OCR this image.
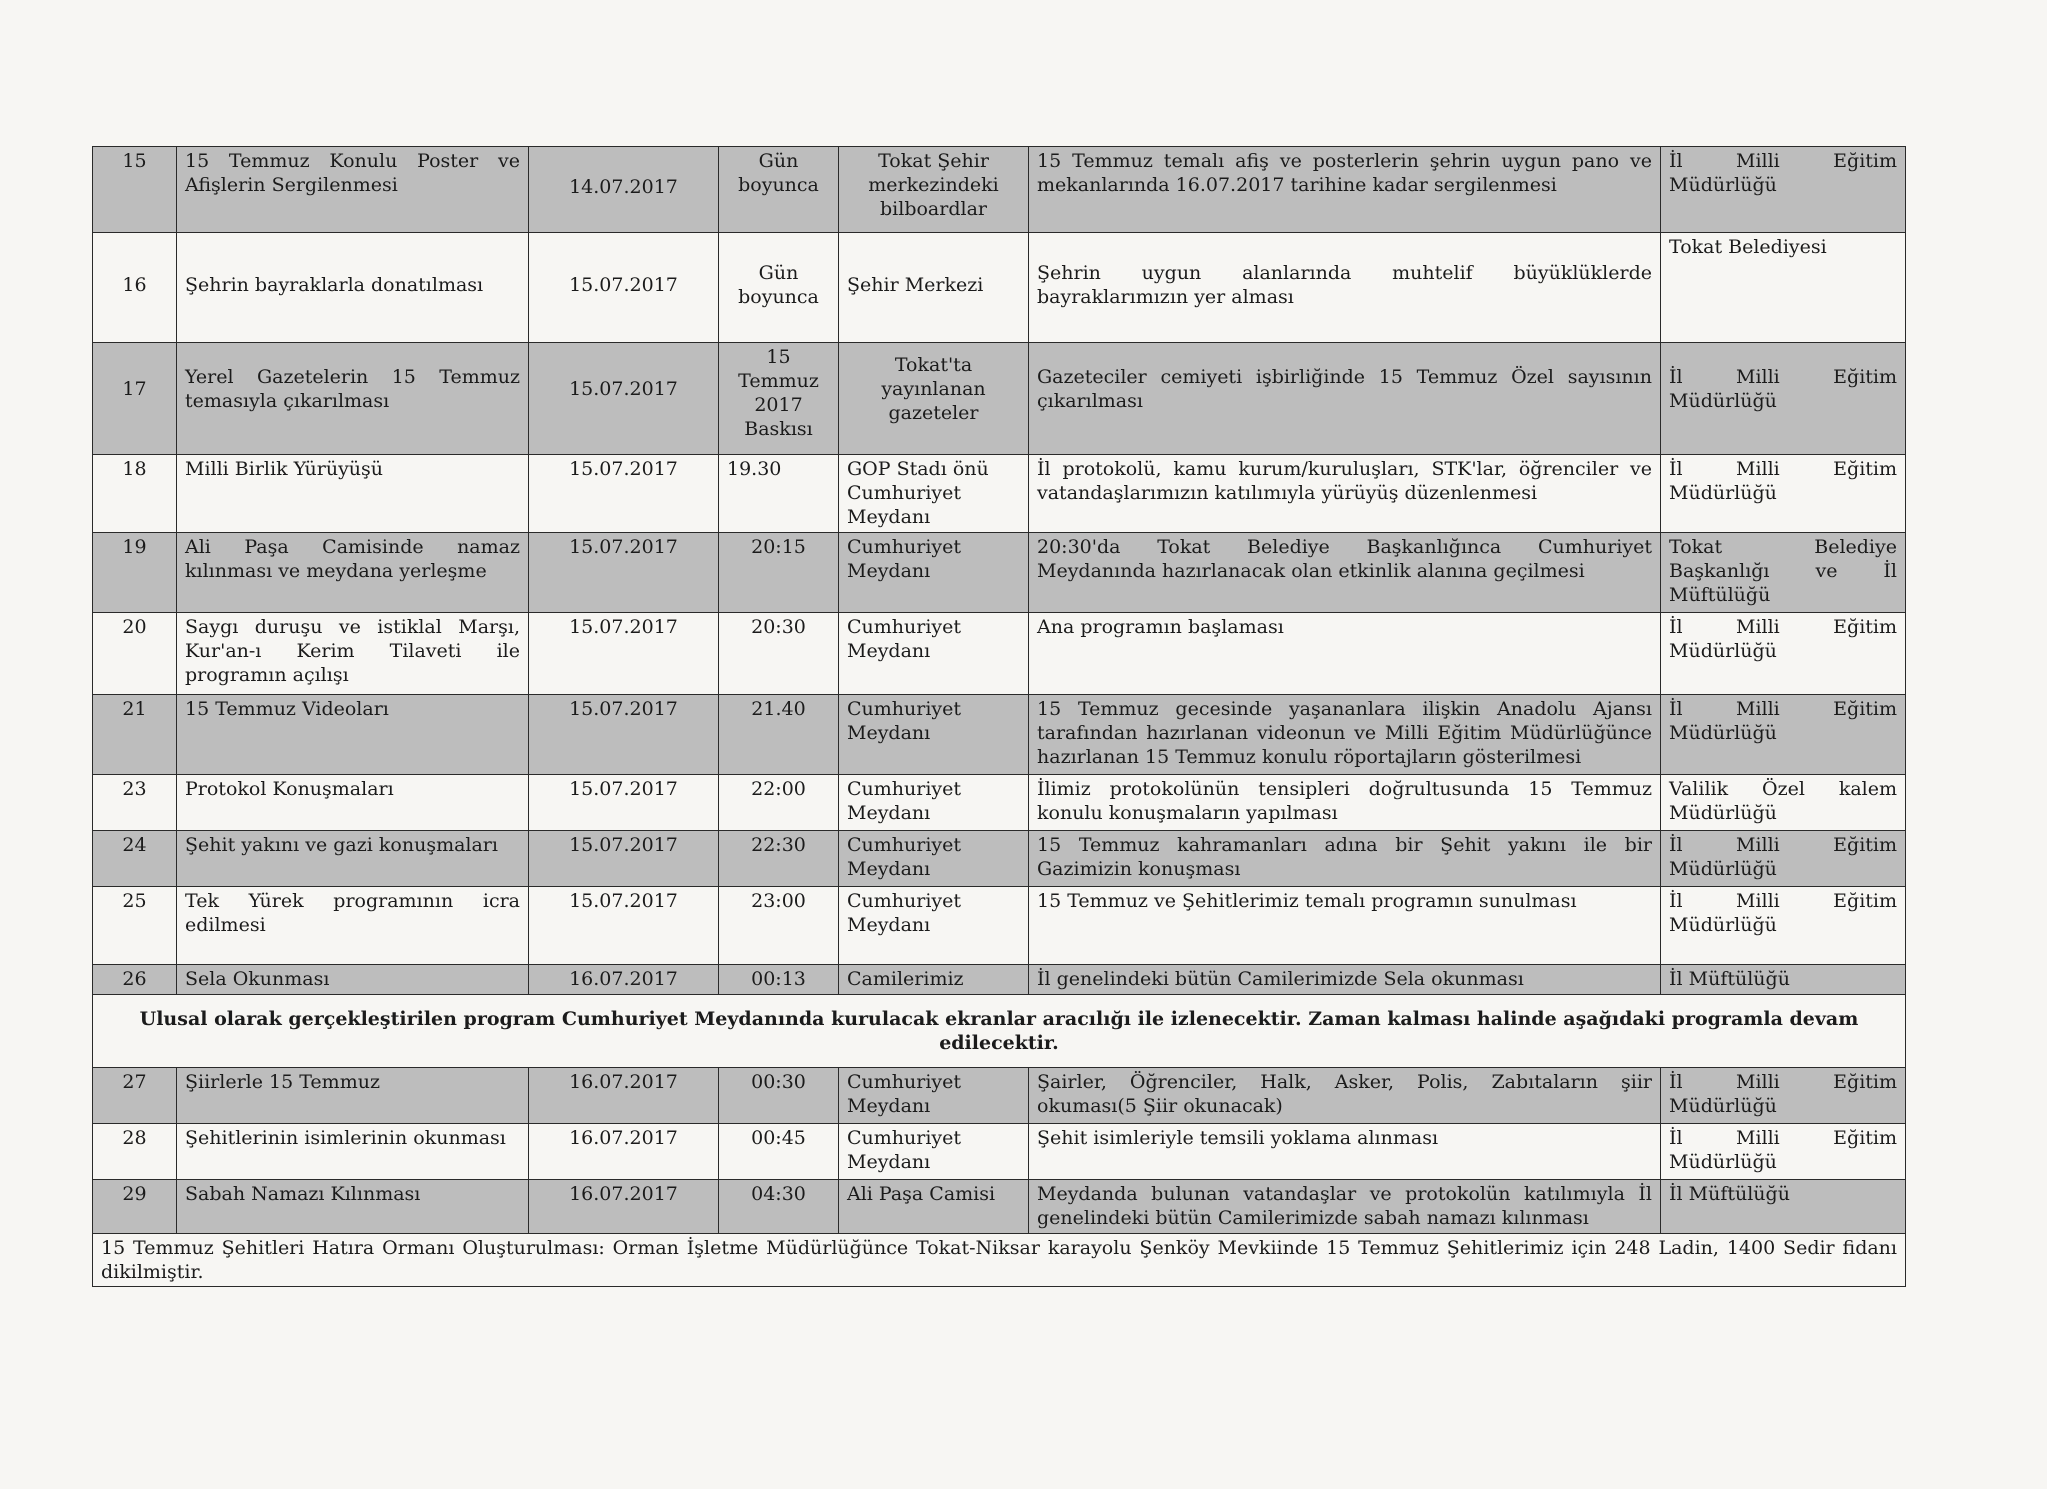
15	15 Temmuz Konulu Poster ve Afişlerin Sergilenmesi	14.07.2017	Gün boyunca	Tokat Şehir merkezindeki bilboardlar	15 Temmuz temalı afiş ve posterlerin şehrin uygun pano ve mekanlarında 16.07.2017 tarihine kadar sergilenmesi	İl Milli Eğitim Müdürlüğü
16	Şehrin bayraklarla donatılması	15.07.2017	Gün boyunca	Şehir Merkezi	Şehrin uygun alanlarında muhtelif büyüklüklerde bayraklarımızın yer alması	Tokat Belediyesi
17	Yerel Gazetelerin 15 Temmuz temasıyla çıkarılması	15.07.2017	15 Temmuz 2017 Baskısı	Tokat'ta yayınlanan gazeteler	Gazeteciler cemiyeti işbirliğinde 15 Temmuz Özel sayısının çıkarılması	İl Milli Eğitim Müdürlüğü
18	Milli Birlik Yürüyüşü	15.07.2017	19.30	GOP Stadı önü Cumhuriyet Meydanı	İl protokolü, kamu kurum/kuruluşları, STK'lar, öğrenciler ve vatandaşlarımızın katılımıyla yürüyüş düzenlenmesi	İl Milli Eğitim Müdürlüğü
19	Ali Paşa Camisinde namaz kılınması ve meydana yerleşme	15.07.2017	20:15	Cumhuriyet Meydanı	20:30'da Tokat Belediye Başkanlığınca Cumhuriyet Meydanında hazırlanacak olan etkinlik alanına geçilmesi	Tokat Belediye Başkanlığı ve İl Müftülüğü
20	Saygı duruşu ve istiklal Marşı, Kur'an-ı Kerim Tilaveti ile programın açılışı	15.07.2017	20:30	Cumhuriyet Meydanı	Ana programın başlaması	İl Milli Eğitim Müdürlüğü
21	15 Temmuz Videoları	15.07.2017	21.40	Cumhuriyet Meydanı	15 Temmuz gecesinde yaşananlara ilişkin Anadolu Ajansı tarafından hazırlanan videonun ve Milli Eğitim Müdürlüğünce hazırlanan 15 Temmuz konulu röportajların gösterilmesi	İl Milli Eğitim Müdürlüğü
23	Protokol Konuşmaları	15.07.2017	22:00	Cumhuriyet Meydanı	İlimiz protokolünün tensipleri doğrultusunda 15 Temmuz konulu konuşmaların yapılması	Valilik Özel kalem Müdürlüğü
24	Şehit yakını ve gazi konuşmaları	15.07.2017	22:30	Cumhuriyet Meydanı	15 Temmuz kahramanları adına bir Şehit yakını ile bir Gazimizin konuşması	İl Milli Eğitim Müdürlüğü
25	Tek Yürek programının icra edilmesi	15.07.2017	23:00	Cumhuriyet Meydanı	15 Temmuz ve Şehitlerimiz temalı programın sunulması	İl Milli Eğitim Müdürlüğü
26	Sela Okunması	16.07.2017	00:13	Camilerimiz	İl genelindeki bütün Camilerimizde Sela okunması	İl Müftülüğü
Ulusal olarak gerçekleştirilen program Cumhuriyet Meydanında kurulacak ekranlar aracılığı ile izlenecektir. Zaman kalması halinde aşağıdaki programla devam edilecektir.						
27	Şiirlerle 15 Temmuz	16.07.2017	00:30	Cumhuriyet Meydanı	Şairler, Öğrenciler, Halk, Asker, Polis, Zabıtaların şiir okuması(5 Şiir okunacak)	İl Milli Eğitim Müdürlüğü
28	Şehitlerinin isimlerinin okunması	16.07.2017	00:45	Cumhuriyet Meydanı	Şehit isimleriyle temsili yoklama alınması	İl Milli Eğitim Müdürlüğü
29	Sabah Namazı Kılınması	16.07.2017	04:30	Ali Paşa Camisi	Meydanda bulunan vatandaşlar ve protokolün katılımıyla İl genelindeki bütün Camilerimizde sabah namazı kılınması	İl Müftülüğü
15 Temmuz Şehitleri Hatıra Ormanı Oluşturulması: Orman İşletme Müdürlüğünce Tokat-Niksar karayolu Şenköy Mevkiinde 15 Temmuz Şehitlerimiz için 248 Ladin, 1400 Sedir fidanı dikilmiştir.						
